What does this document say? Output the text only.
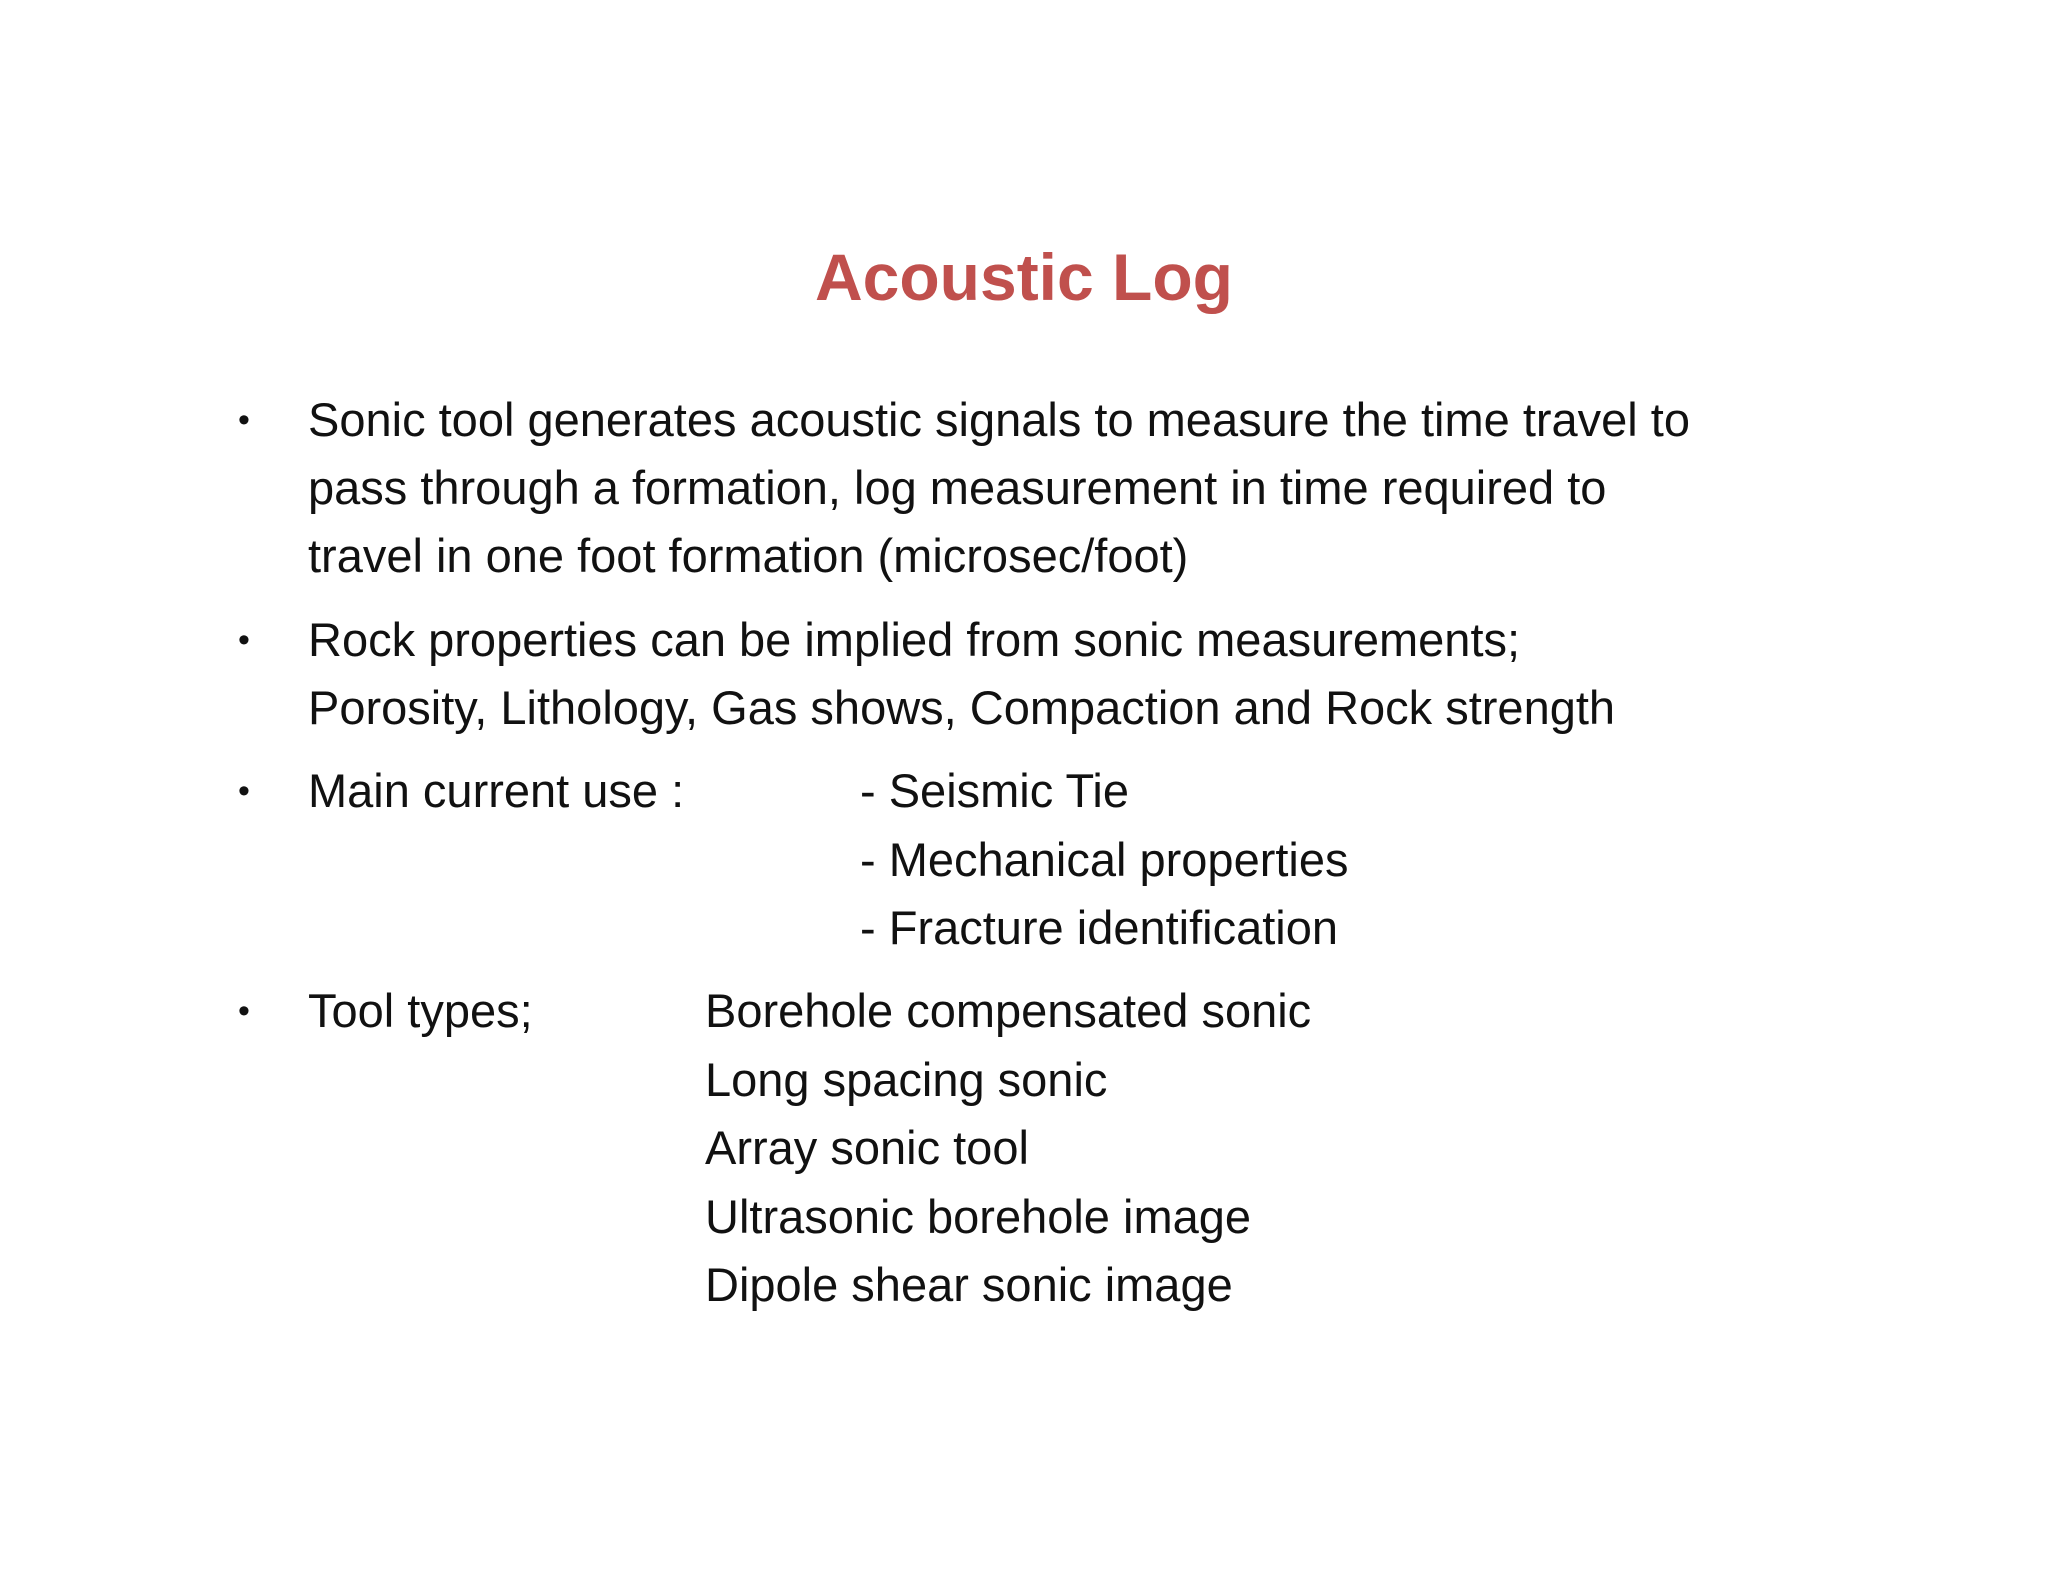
Acoustic Log
• Sonic tool generates acoustic signals to measure the time travel to
pass through a formation, log measurement in time required to
travel in one foot formation (microsec/foot)
• Rock properties can be implied from sonic measurements;
Porosity, Lithology, Gas shows, Compaction and Rock strength
• Main current use :	- Seismic Tie
- Mechanical properties
- Fracture identification
• Tool types;	Borehole compensated sonic
Long spacing sonic
Array sonic tool
Ultrasonic borehole image
Dipole shear sonic image
